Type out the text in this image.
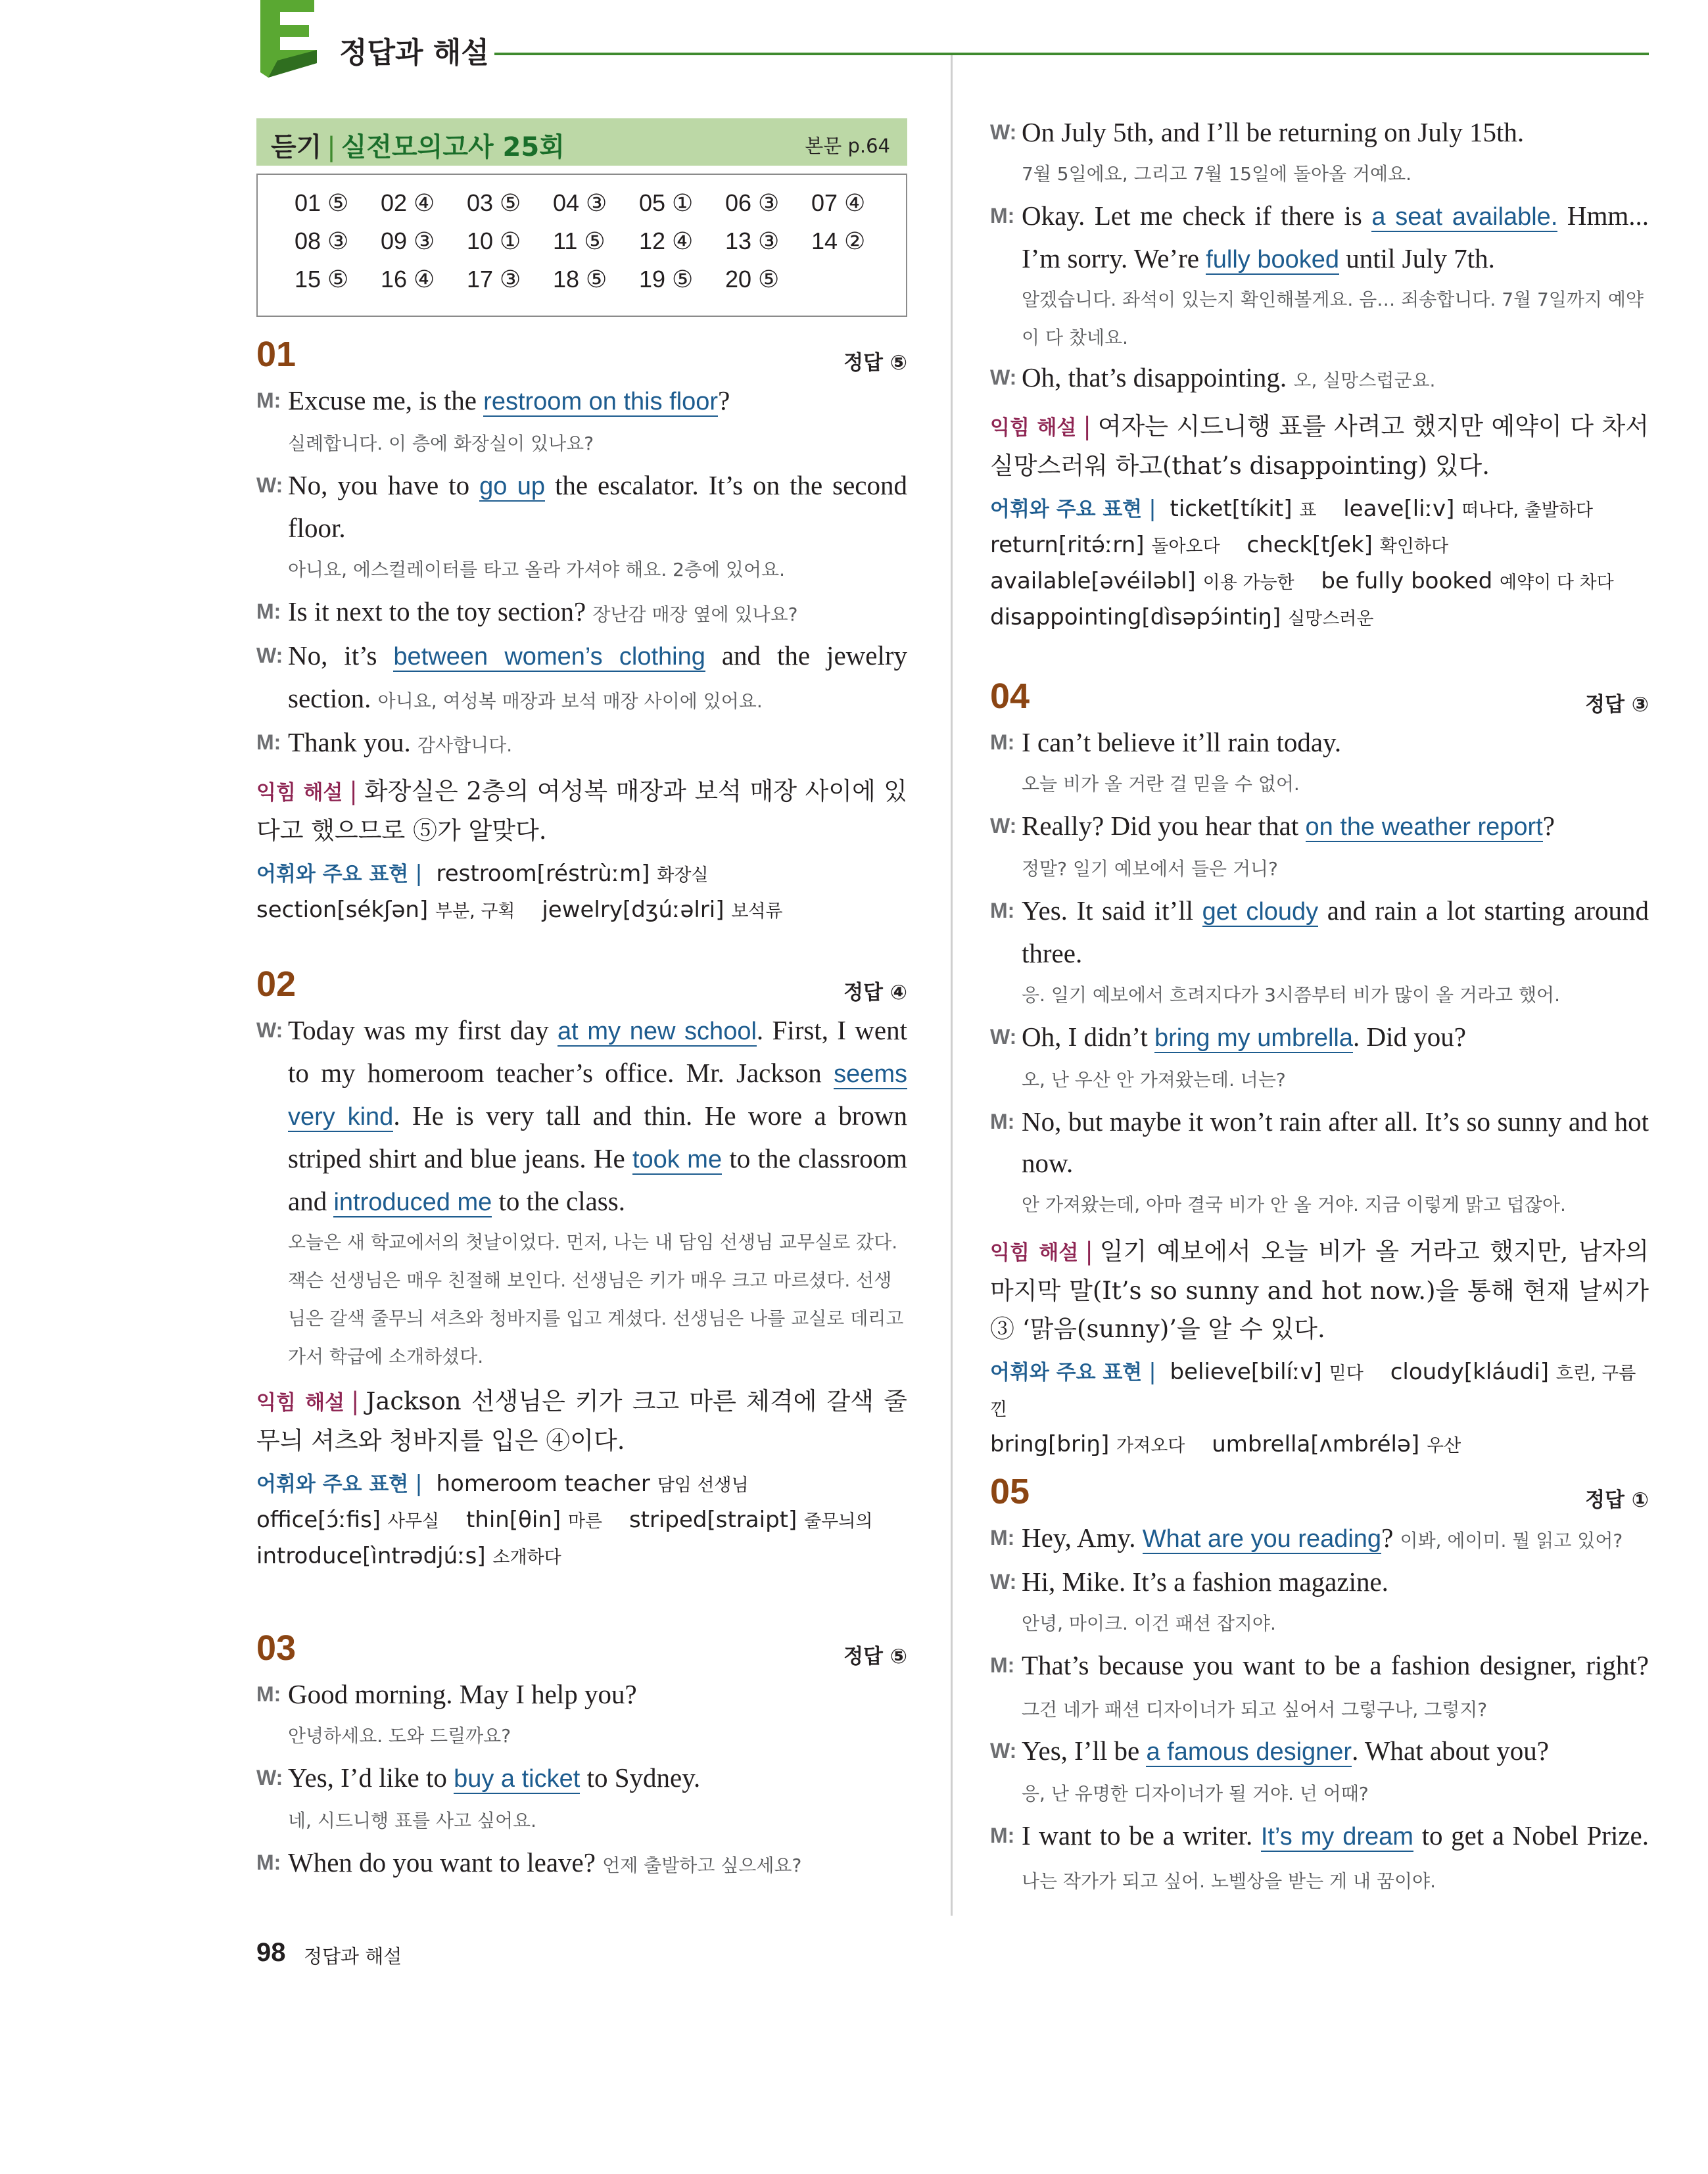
정답과 해설
듣기 | 실전모의고사 25회	본문 p.64
01 ⑤ 02 ④ 03 ⑤ 04 ③ 05 ① 06 ③ 07 ④
08 ③ 09 ③ 10 ① 11 ⑤ 12 ④ 13 ③ 14 ②
15 ⑤ 16 ④ 17 ③ 18 ⑤ 19 ⑤ 20 ⑤
01	정답 ⑤
M: Excuse me, is the restroom on this floor?
실례합니다. 이 층에 화장실이 있나요?
W: No, you have to go up the escalator. It’s on the second floor.
아니요, 에스컬레이터를 타고 올라 가셔야 해요. 2층에 있어요.
M: Is it next to the toy section? 장난감 매장 옆에 있나요?
W: No, it’s between women’s clothing and the jewelry section. 아니요, 여성복 매장과 보석 매장 사이에 있어요.
M: Thank you. 감사합니다.
익힘 해설 | 화장실은 2층의 여성복 매장과 보석 매장 사이에 있다고 했으므로 ⑤가 알맞다.
어휘와 주요 표현 | restroom[réstrùːm] 화장실
section[sékʃən] 부분, 구획 jewelry[dʒúːəlri] 보석류
02	정답 ④
W: Today was my first day at my new school. First, I went to my homeroom teacher’s office. Mr. Jackson seems very kind. He is very tall and thin. He wore a brown striped shirt and blue jeans. He took me to the classroom and introduced me to the class.
오늘은 새 학교에서의 첫날이었다. 먼저, 나는 내 담임 선생님 교무실로 갔다. 잭슨 선생님은 매우 친절해 보인다. 선생님은 키가 매우 크고 마르셨다. 선생님은 갈색 줄무늬 셔츠와 청바지를 입고 계셨다. 선생님은 나를 교실로 데리고 가서 학급에 소개하셨다.
익힘 해설 | Jackson 선생님은 키가 크고 마른 체격에 갈색 줄무늬 셔츠와 청바지를 입은 ④이다.
어휘와 주요 표현 | homeroom teacher 담임 선생님
office[ɔ́ːfis] 사무실 thin[θin] 마른 striped[straipt] 줄무늬의
introduce[ìntrədjúːs] 소개하다
03	정답 ⑤
M: Good morning. May I help you?
안녕하세요. 도와 드릴까요?
W: Yes, I’d like to buy a ticket to Sydney.
네, 시드니행 표를 사고 싶어요.
M: When do you want to leave? 언제 출발하고 싶으세요?
W: On July 5th, and I’ll be returning on July 15th.
7월 5일에요, 그리고 7월 15일에 돌아올 거예요.
M: Okay. Let me check if there is a seat available. Hmm... I’m sorry. We’re fully booked until July 7th.
알겠습니다. 좌석이 있는지 확인해볼게요. 음… 죄송합니다. 7월 7일까지 예약이 다 찼네요.
W: Oh, that’s disappointing. 오, 실망스럽군요.
익힘 해설 | 여자는 시드니행 표를 사려고 했지만 예약이 다 차서 실망스러워 하고(that’s disappointing) 있다.
어휘와 주요 표현 | ticket[tíkit] 표 leave[liːv] 떠나다, 출발하다
return[ritə́ːrn] 돌아오다 check[tʃek] 확인하다
available[əvéiləbl] 이용 가능한 be fully booked 예약이 다 차다
disappointing[dìsəpɔ́intiŋ] 실망스러운
04	정답 ③
M: I can’t believe it’ll rain today.
오늘 비가 올 거란 걸 믿을 수 없어.
W: Really? Did you hear that on the weather report?
정말? 일기 예보에서 들은 거니?
M: Yes. It said it’ll get cloudy and rain a lot starting around three.
응. 일기 예보에서 흐려지다가 3시쯤부터 비가 많이 올 거라고 했어.
W: Oh, I didn’t bring my umbrella. Did you?
오, 난 우산 안 가져왔는데. 너는?
M: No, but maybe it won’t rain after all. It’s so sunny and hot now.
안 가져왔는데, 아마 결국 비가 안 올 거야. 지금 이렇게 맑고 덥잖아.
익힘 해설 | 일기 예보에서 오늘 비가 올 거라고 했지만, 남자의 마지막 말(It’s so sunny and hot now.)을 통해 현재 날씨가 ③ ‘맑음(sunny)’을 알 수 있다.
어휘와 주요 표현 | believe[bilíːv] 믿다 cloudy[kláudi] 흐린, 구름 낀
bring[briŋ] 가져오다 umbrella[ʌmbrélə] 우산
05	정답 ①
M: Hey, Amy. What are you reading? 이봐, 에이미. 뭘 읽고 있어?
W: Hi, Mike. It’s a fashion magazine.
안녕, 마이크. 이건 패션 잡지야.
M: That’s because you want to be a fashion designer, right? 그건 네가 패션 디자이너가 되고 싶어서 그렇구나, 그렇지?
W: Yes, I’ll be a famous designer. What about you?
응, 난 유명한 디자이너가 될 거야. 넌 어때?
M: I want to be a writer. It’s my dream to get a Nobel Prize. 나는 작가가 되고 싶어. 노벨상을 받는 게 내 꿈이야.
98 정답과 해설
